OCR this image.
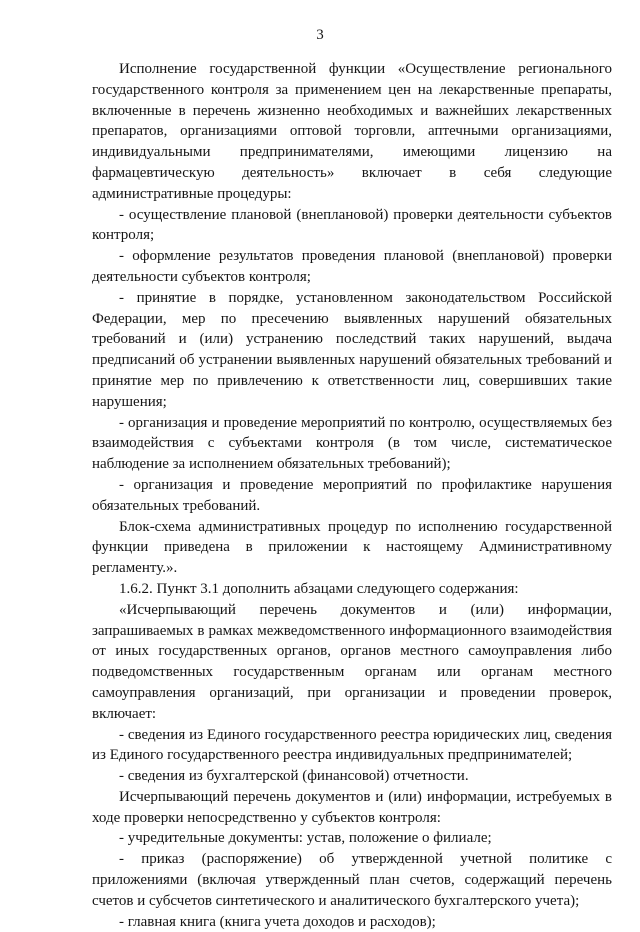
3

Исполнение государственной функции «Осуществление регионального государственного контроля за применением цен на лекарственные препараты, включенные в перечень жизненно необходимых и важнейших лекарственных препаратов, организациями оптовой торговли, аптечными организациями, индивидуальными предпринимателями, имеющими лицензию на фармацевтическую деятельность» включает в себя следующие административные процедуры:

- осуществление плановой (внеплановой) проверки деятельности субъектов контроля;

- оформление результатов проведения плановой (внеплановой) проверки деятельности субъектов контроля;

- принятие в порядке, установленном законодательством Российской Федерации, мер по пресечению выявленных нарушений обязательных требований и (или) устранению последствий таких нарушений, выдача предписаний об устранении выявленных нарушений обязательных требований и принятие мер по привлечению к ответственности лиц, совершивших такие нарушения;

- организация и проведение мероприятий по контролю, осуществляемых без взаимодействия с субъектами контроля (в том числе, систематическое наблюдение за исполнением обязательных требований);

- организация и проведение мероприятий по профилактике нарушения обязательных требований.

Блок-схема административных процедур по исполнению государственной функции приведена в приложении к настоящему Административному регламенту.».

1.6.2. Пункт 3.1 дополнить абзацами следующего содержания:

«Исчерпывающий перечень документов и (или) информации, запрашиваемых в рамках межведомственного информационного взаимодействия от иных государственных органов, органов местного самоуправления либо подведомственных государственным органам или органам местного самоуправления организаций, при организации и проведении проверок, включает:

- сведения из Единого государственного реестра юридических лиц, сведения из Единого государственного реестра индивидуальных предпринимателей;

- сведения из бухгалтерской (финансовой) отчетности.

Исчерпывающий перечень документов и (или) информации, истребуемых в ходе проверки непосредственно у субъектов контроля:

- учредительные документы: устав, положение о филиале;

- приказ (распоряжение) об утвержденной учетной политике с приложениями (включая утвержденный план счетов, содержащий перечень счетов и субсчетов синтетического и аналитического бухгалтерского учета);

- главная книга (книга учета доходов и расходов);
